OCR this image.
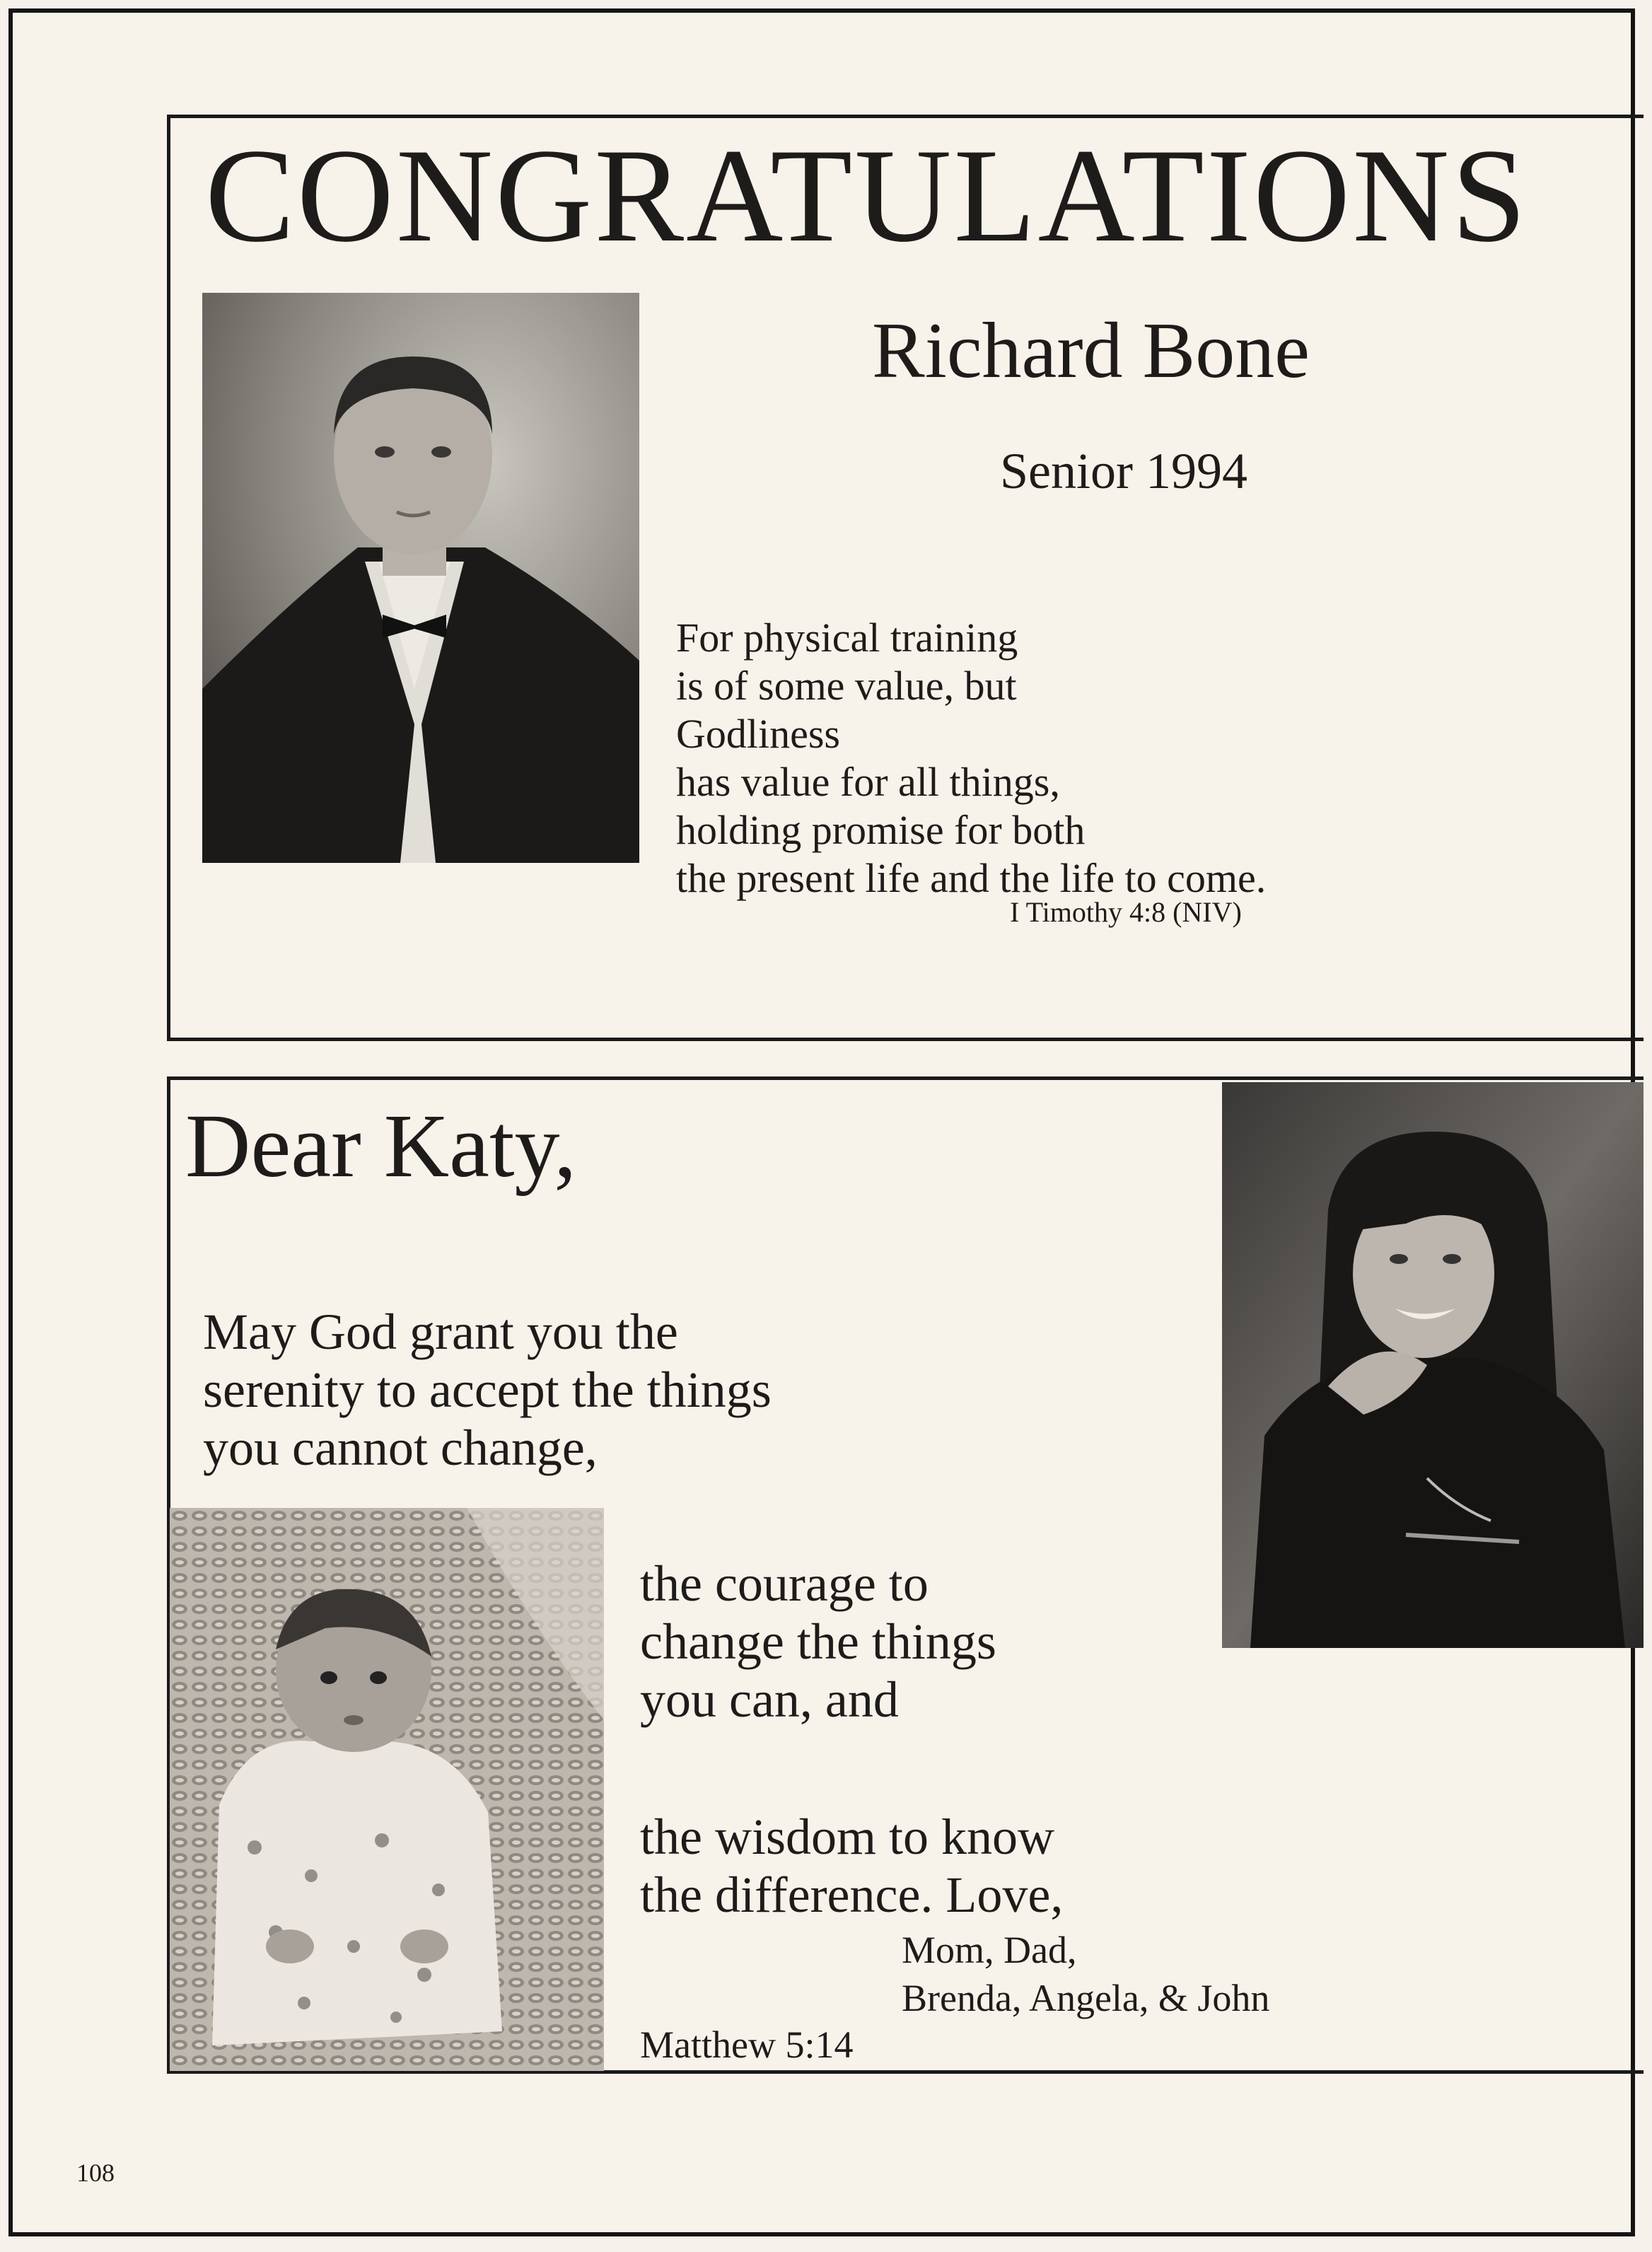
CONGRATULATIONS
Richard Bone
Senior 1994
For physical training
is of some value, but
Godliness
has value for all things,
holding promise for both
the present life and the life to come.
I Timothy 4:8 (NIV)
Dear Katy,
May God grant you the
serenity to accept the things
you cannot change,
the courage to
change the things
you can, and
the wisdom to know
the difference. Love,
Mom, Dad,
Brenda, Angela, & John
Matthew 5:14
108
